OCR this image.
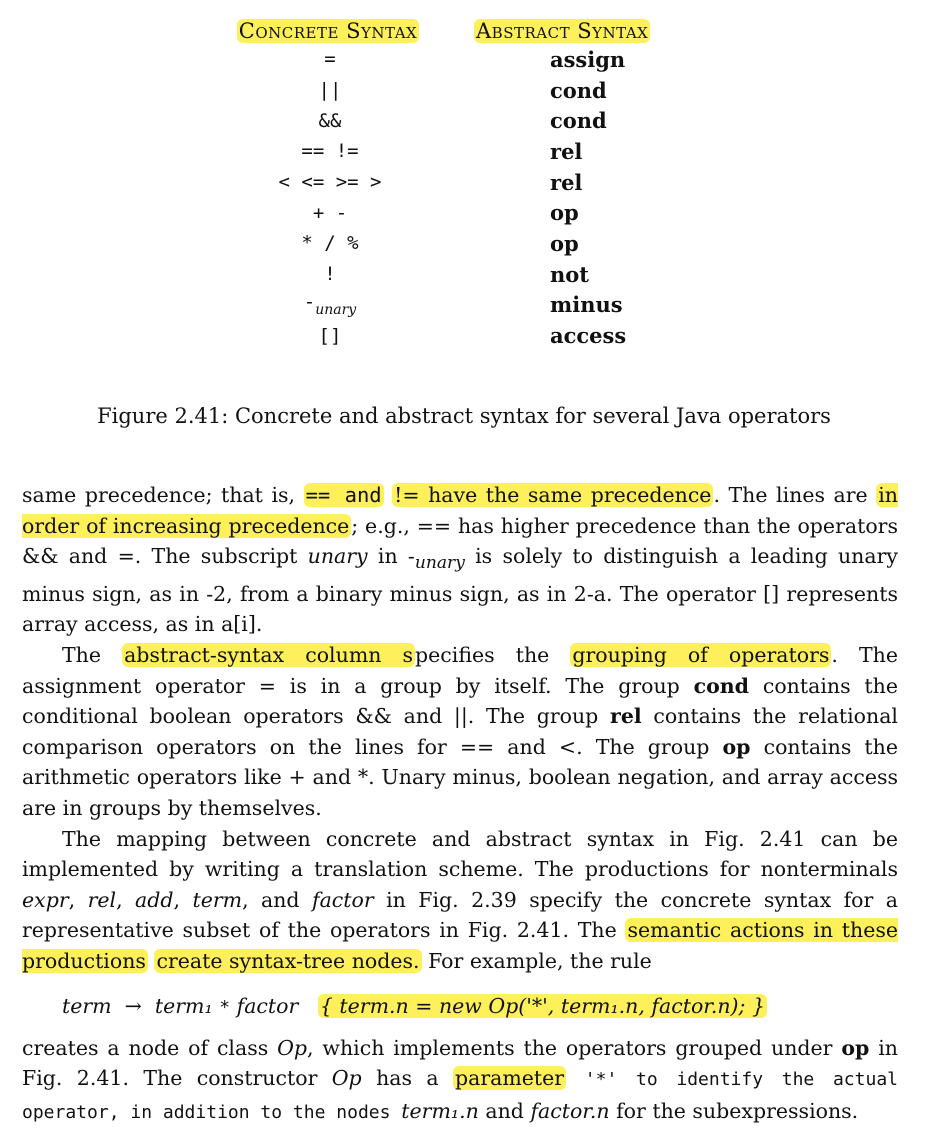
Concrete Syntax	Abstract Syntax
=	assign
||	cond
&&	cond
== !=	rel
< <= >= >	rel
+ -	op
* / %	op
!	not
$-_{unary}$	minus
[]	access
Figure 2.41: Concrete and abstract syntax for several Java operators

same precedence; that is, == and != have the same precedence. The lines are in order of increasing precedence; e.g., == has higher precedence than the operators && and =. The subscript unary in $-_{unary}$ is solely to distinguish a leading unary minus sign, as in -2, from a binary minus sign, as in 2-a. The operator [] represents array access, as in a[i].

The abstract-syntax column specifies the grouping of operators. The assignment operator = is in a group by itself. The group cond contains the conditional boolean operators && and ||. The group rel contains the relational comparison operators on the lines for == and <. The group op contains the arithmetic operators like + and *. Unary minus, boolean negation, and array access are in groups by themselves.

The mapping between concrete and abstract syntax in Fig. 2.41 can be implemented by writing a translation scheme. The productions for nonterminals expr, rel, add, term, and factor in Fig. 2.39 specify the concrete syntax for a representative subset of the operators in Fig. 2.41. The semantic actions in these productions create syntax-tree nodes. For example, the rule

term → term₁ * factor { term.n = new Op('*', term₁.n, factor.n); }

creates a node of class Op, which implements the operators grouped under op in Fig. 2.41. The constructor Op has a parameter '*' to identify the actual operator, in addition to the nodes term₁.n and factor.n for the subexpressions.
